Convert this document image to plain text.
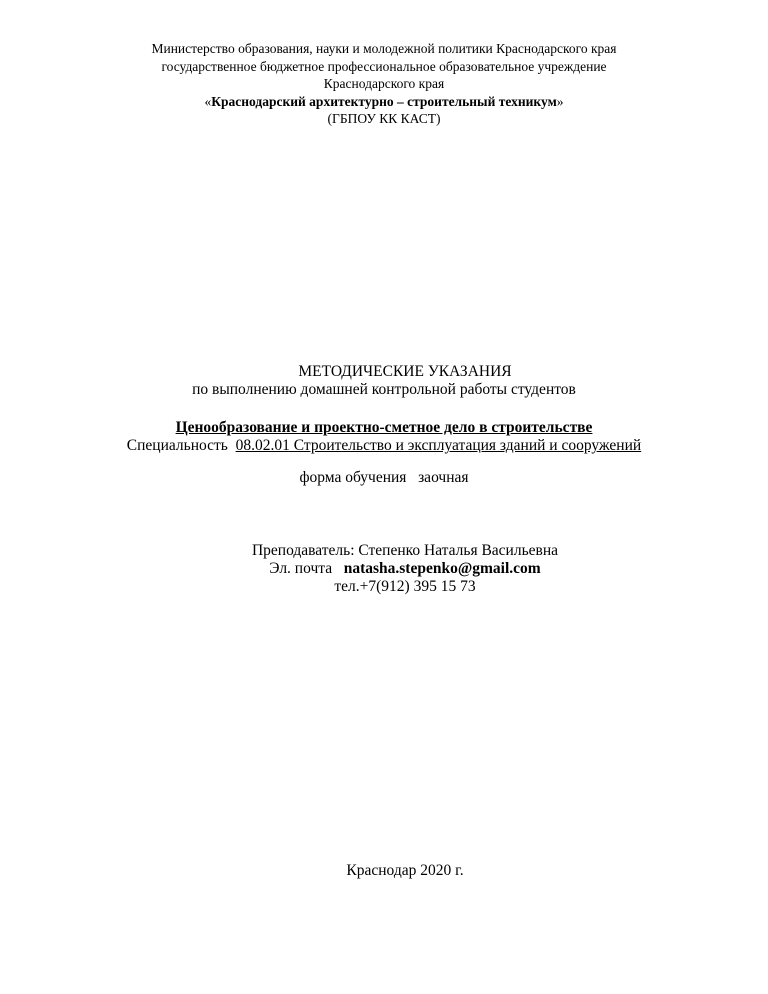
Министерство образования, науки и молодежной политики Краснодарского края
государственное бюджетное профессиональное образовательное учреждение
Краснодарского края
«Краснодарский архитектурно – строительный техникум»
(ГБПОУ КК КАСТ)
МЕТОДИЧЕСКИЕ УКАЗАНИЯ
по выполнению домашней контрольной работы студентов
Ценообразование и проектно-сметное дело в строительстве
Специальность 08.02.01 Строительство и эксплуатация зданий и сооружений
форма обучения заочная
Преподаватель: Степенко Наталья Васильевна
Эл. почта natasha.stepenko@gmail.com
тел.+7(912) 395 15 73
Краснодар 2020 г.
